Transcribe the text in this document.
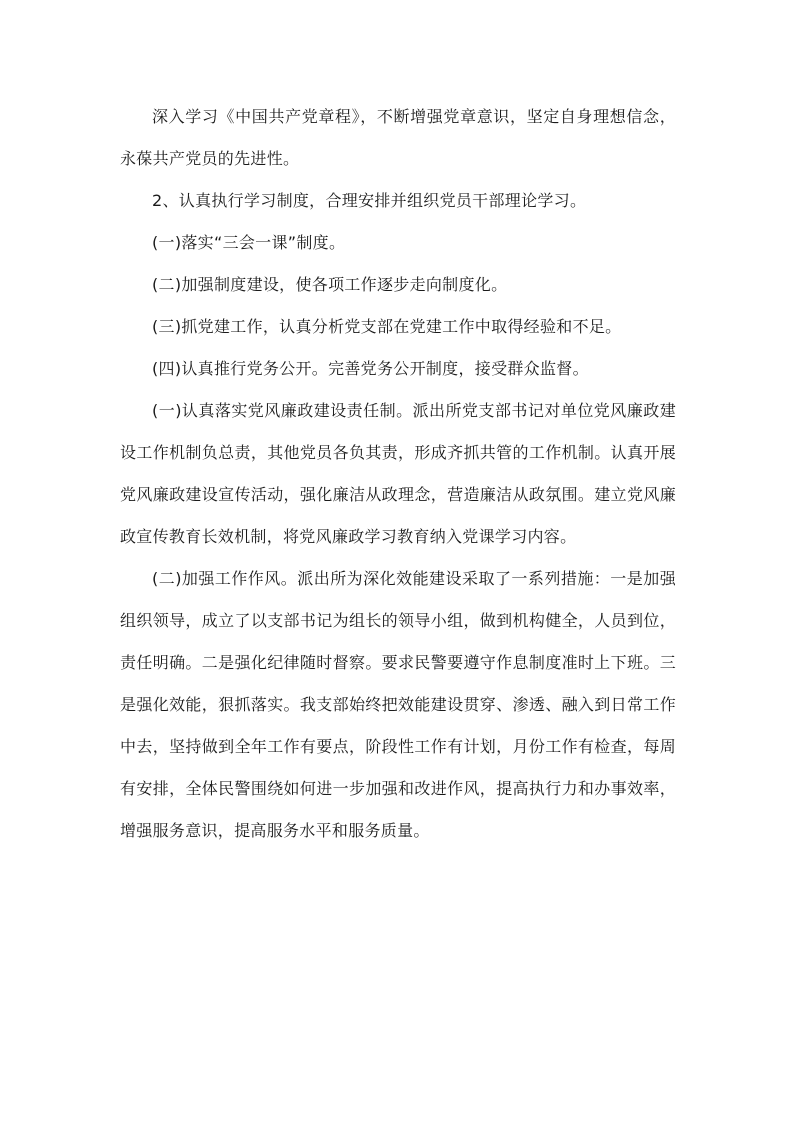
深入学习《中国共产党章程》，不断增强党章意识，坚定自身理想信念，永葆共产党员的先进性。

2、认真执行学习制度，合理安排并组织党员干部理论学习。

(一)落实“三会一课”制度。

(二)加强制度建设，使各项工作逐步走向制度化。

(三)抓党建工作，认真分析党支部在党建工作中取得经验和不足。

(四)认真推行党务公开。完善党务公开制度，接受群众监督。

(一)认真落实党风廉政建设责任制。派出所党支部书记对单位党风廉政建设工作机制负总责，其他党员各负其责，形成齐抓共管的工作机制。认真开展党风廉政建设宣传活动，强化廉洁从政理念，营造廉洁从政氛围。建立党风廉政宣传教育长效机制，将党风廉政学习教育纳入党课学习内容。

(二)加强工作作风。派出所为深化效能建设采取了一系列措施：一是加强组织领导，成立了以支部书记为组长的领导小组，做到机构健全，人员到位，责任明确。二是强化纪律随时督察。要求民警要遵守作息制度准时上下班。三是强化效能，狠抓落实。我支部始终把效能建设贯穿、渗透、融入到日常工作中去，坚持做到全年工作有要点，阶段性工作有计划，月份工作有检查，每周有安排，全体民警围绕如何进一步加强和改进作风，提高执行力和办事效率，增强服务意识，提高服务水平和服务质量。
